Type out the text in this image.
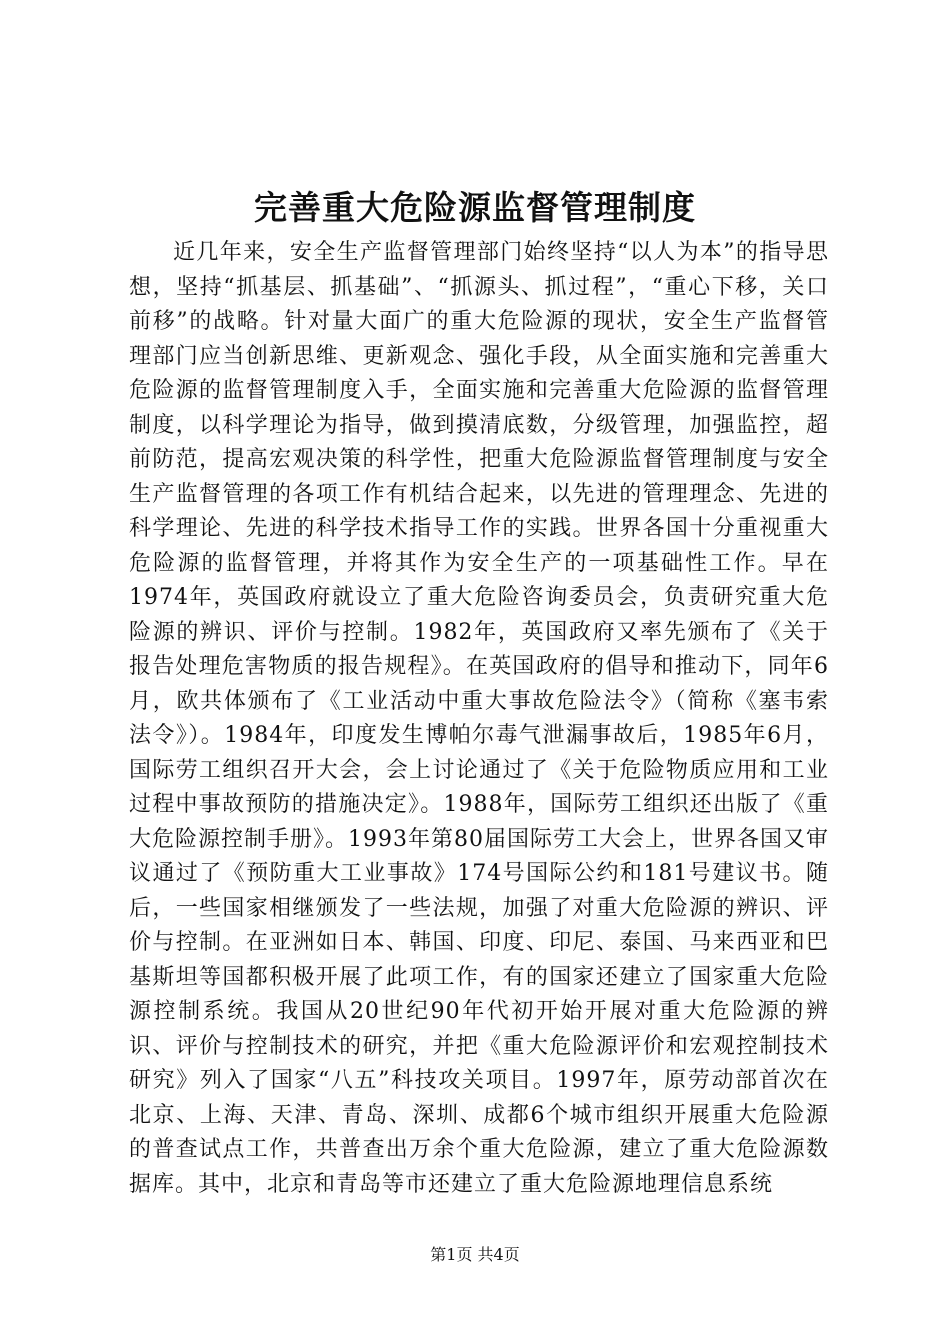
完善重大危险源监督管理制度

近几年来，安全生产监督管理部门始终坚持“以人为本”的指导思想，坚持“抓基层、抓基础”、“抓源头、抓过程”，“重心下移，关口前移”的战略。针对量大面广的重大危险源的现状，安全生产监督管理部门应当创新思维、更新观念、强化手段，从全面实施和完善重大危险源的监督管理制度入手，全面实施和完善重大危险源的监督管理制度，以科学理论为指导，做到摸清底数，分级管理，加强监控，超前防范，提高宏观决策的科学性，把重大危险源监督管理制度与安全生产监督管理的各项工作有机结合起来，以先进的管理理念、先进的科学理论、先进的科学技术指导工作的实践。世界各国十分重视重大危险源的监督管理，并将其作为安全生产的一项基础性工作。早在1974年，英国政府就设立了重大危险咨询委员会，负责研究重大危险源的辨识、评价与控制。1982年，英国政府又率先颁布了《关于报告处理危害物质的报告规程》。在英国政府的倡导和推动下，同年6月，欧共体颁布了《工业活动中重大事故危险法令》（简称《塞韦索法令》）。1984年，印度发生博帕尔毒气泄漏事故后，1985年6月，国际劳工组织召开大会，会上讨论通过了《关于危险物质应用和工业过程中事故预防的措施决定》。1988年，国际劳工组织还出版了《重大危险源控制手册》。1993年第80届国际劳工大会上，世界各国又审议通过了《预防重大工业事故》174号国际公约和181号建议书。随后，一些国家相继颁发了一些法规，加强了对重大危险源的辨识、评价与控制。在亚洲如日本、韩国、印度、印尼、泰国、马来西亚和巴基斯坦等国都积极开展了此项工作，有的国家还建立了国家重大危险源控制系统。我国从20世纪90年代初开始开展对重大危险源的辨识、评价与控制技术的研究，并把《重大危险源评价和宏观控制技术研究》列入了国家“八五”科技攻关项目。1997年，原劳动部首次在北京、上海、天津、青岛、深圳、成都6个城市组织开展重大危险源的普查试点工作，共普查出万余个重大危险源，建立了重大危险源数据库。其中，北京和青岛等市还建立了重大危险源地理信息系统

第1页 共4页
